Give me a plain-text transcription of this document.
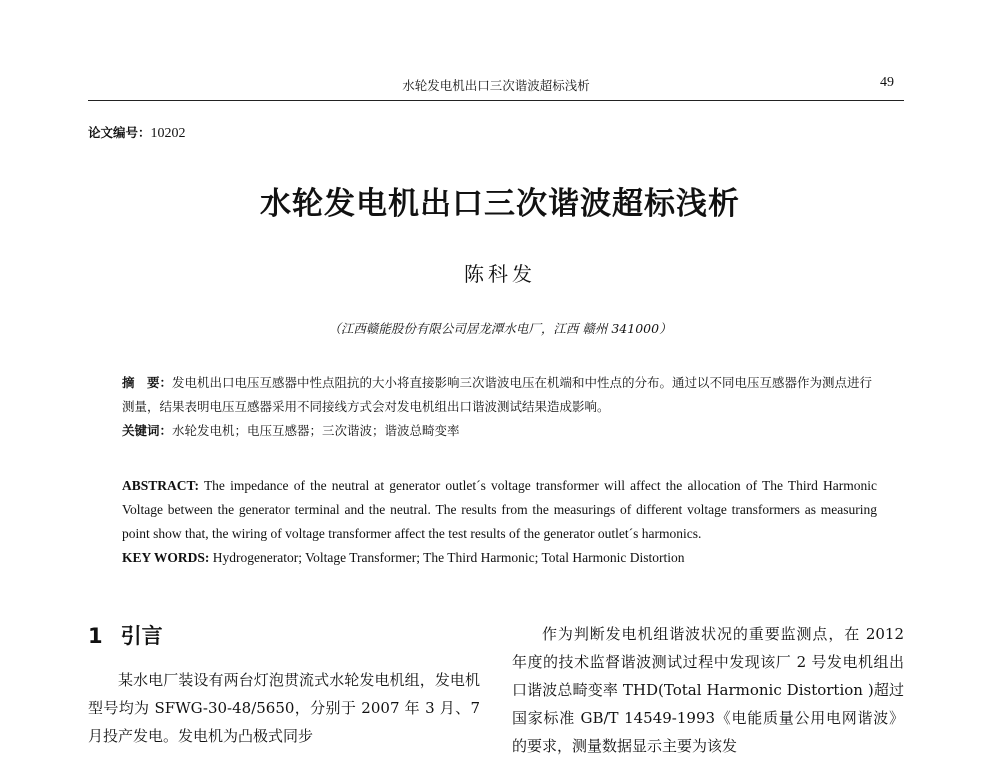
水轮发电机出口三次谐波超标浅析	49
论文编号：10202
水轮发电机出口三次谐波超标浅析
陈科发
（江西赣能股份有限公司居龙潭水电厂，江西 赣州 341000）
摘　要：发电机出口电压互感器中性点阻抗的大小将直接影响三次谐波电压在机端和中性点的分布。通过以不同电压互感器作为测点进行测量，结果表明电压互感器采用不同接线方式会对发电机组出口谐波测试结果造成影响。
关键词：水轮发电机；电压互感器；三次谐波；谐波总畸变率
ABSTRACT: The impedance of the neutral at generator outlet´s voltage transformer will affect the allocation of The Third Harmonic Voltage between the generator terminal and the neutral. The results from the measurings of different voltage transformers as measuring point show that, the wiring of voltage transformer affect the test results of the generator outlet´s harmonics.
KEY WORDS: Hydrogenerator; Voltage Transformer; The Third Harmonic; Total Harmonic Distortion
1 引言

某水电厂装设有两台灯泡贯流式水轮发电机组，发电机型号均为 SFWG-30-48/5650，分别于 2007 年 3 月、7 月投产发电。发电机为凸极式同步

作为判断发电机组谐波状况的重要监测点，在 2012 年度的技术监督谐波测试过程中发现该厂 2 号发电机组出口谐波总畸变率 THD(Total Harmonic Distortion )超过国家标准 GB/T 14549-1993《电能质量公用电网谐波》的要求，测量数据显示主要为该发
